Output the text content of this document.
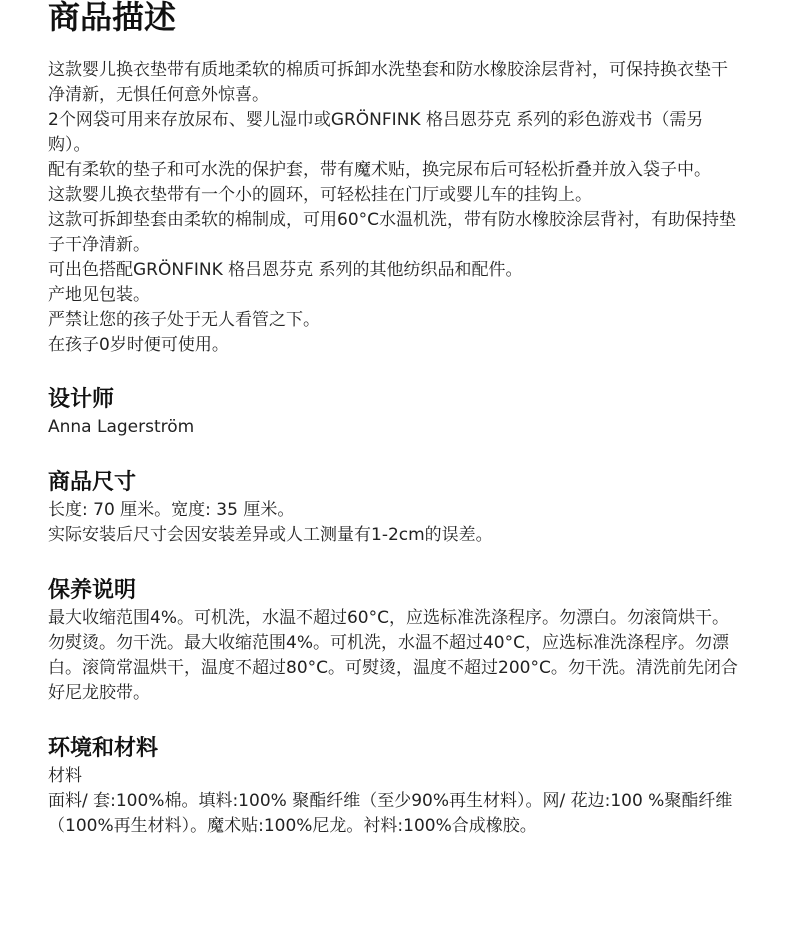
商品描述

这款婴儿换衣垫带有质地柔软的棉质可拆卸水洗垫套和防水橡胶涂层背衬，可保持换衣垫干净清新，无惧任何意外惊喜。

2个网袋可用来存放尿布、婴儿湿巾或GRÖNFINK 格吕恩芬克 系列的彩色游戏书（需另购）。

配有柔软的垫子和可水洗的保护套，带有魔术贴，换完尿布后可轻松折叠并放入袋子中。

这款婴儿换衣垫带有一个小的圆环，可轻松挂在门厅或婴儿车的挂钩上。

这款可拆卸垫套由柔软的棉制成，可用60°C水温机洗，带有防水橡胶涂层背衬，有助保持垫子干净清新。

可出色搭配GRÖNFINK 格吕恩芬克 系列的其他纺织品和配件。

产地见包装。

严禁让您的孩子处于无人看管之下。

在孩子0岁时便可使用。

设计师

Anna Lagerström

商品尺寸

长度: 70 厘米。宽度: 35 厘米。

实际安装后尺寸会因安装差异或人工测量有1-2cm的误差。

保养说明

最大收缩范围4%。可机洗，水温不超过60°C，应选标准洗涤程序。勿漂白。勿滚筒烘干。勿熨烫。勿干洗。最大收缩范围4%。可机洗，水温不超过40°C，应选标准洗涤程序。勿漂白。滚筒常温烘干，温度不超过80°C。可熨烫，温度不超过200°C。勿干洗。清洗前先闭合好尼龙胶带。

环境和材料

材料

面料/ 套:100%棉。填料:100% 聚酯纤维（至少90%再生材料）。网/ 花边:100 %聚酯纤维（100%再生材料）。魔术贴:100%尼龙。衬料:100%合成橡胶。
